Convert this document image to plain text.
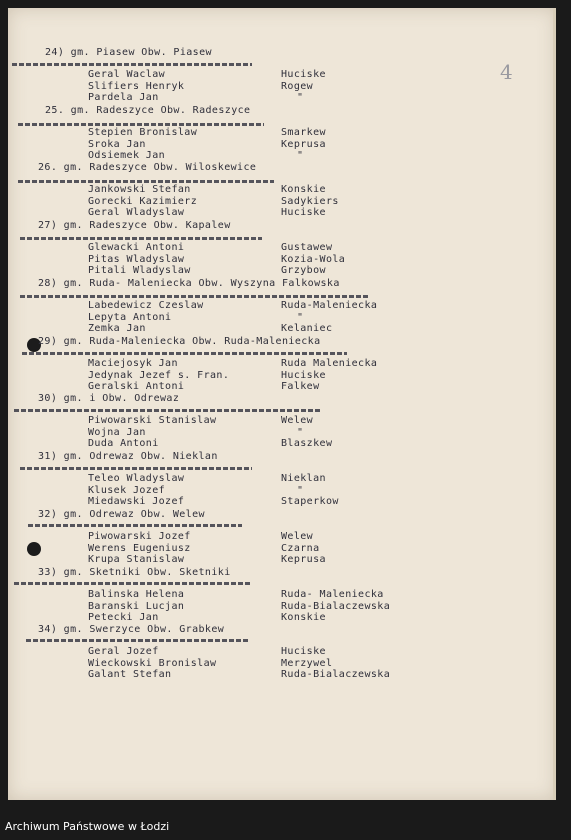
4
24) gm. Piasew Obw. Piasew
Geral Waclaw	Huciske
Slifiers Henryk	Rogew
Pardela Jan	"
25. gm. Radeszyce Obw. Radeszyce
Stepien Bronislaw	Smarkew
Sroka Jan	Keprusa
Odsiemek Jan	"
26. gm. Radeszyce Obw. Wiloskewice
Jankowski Stefan	Konskie
Gorecki Kazimierz	Sadykiers
Geral Wladyslaw	Huciske
27) gm. Radeszyce Obw. Kapalew
Glewacki Antoni	Gustawew
Pitas Wladyslaw	Kozia-Wola
Pitali Wladyslaw	Grzybow
28) gm. Ruda- Maleniecka Obw. Wyszyna Falkowska
Labedewicz Czeslaw	Ruda-Maleniecka
Lepyta Antoni	"
Zemka Jan	Kelaniec
29) gm. Ruda-Maleniecka Obw. Ruda-Maleniecka
Maciejosyk Jan	Ruda Maleniecka
Jedynak Jezef s. Fran.	Huciske
Geralski Antoni	Falkew
30) gm. i Obw. Odrewaz
Piwowarski Stanislaw	Welew
Wojna Jan	"
Duda Antoni	Blaszkew
31) gm. Odrewaz Obw. Nieklan
Teleo Wladyslaw	Nieklan
Klusek Jozef	"
Miedawski Jozef	Staperkow
32) gm. Odrewaz Obw. Welew
Piwowarski Jozef	Welew
Werens Eugeniusz	Czarna
Krupa Stanislaw	Keprusa
33) gm. Sketniki Obw. Sketniki
Balinska Helena	Ruda- Maleniecka
Baranski Lucjan	Ruda-Bialaczewska
Petecki Jan	Konskie
34) gm. Swerzyce Obw. Grabkew
Geral Jozef	Huciske
Wieckowski Bronislaw	Merzywel
Galant Stefan	Ruda-Bialaczewska
Archiwum Państwowe w Łodzi
